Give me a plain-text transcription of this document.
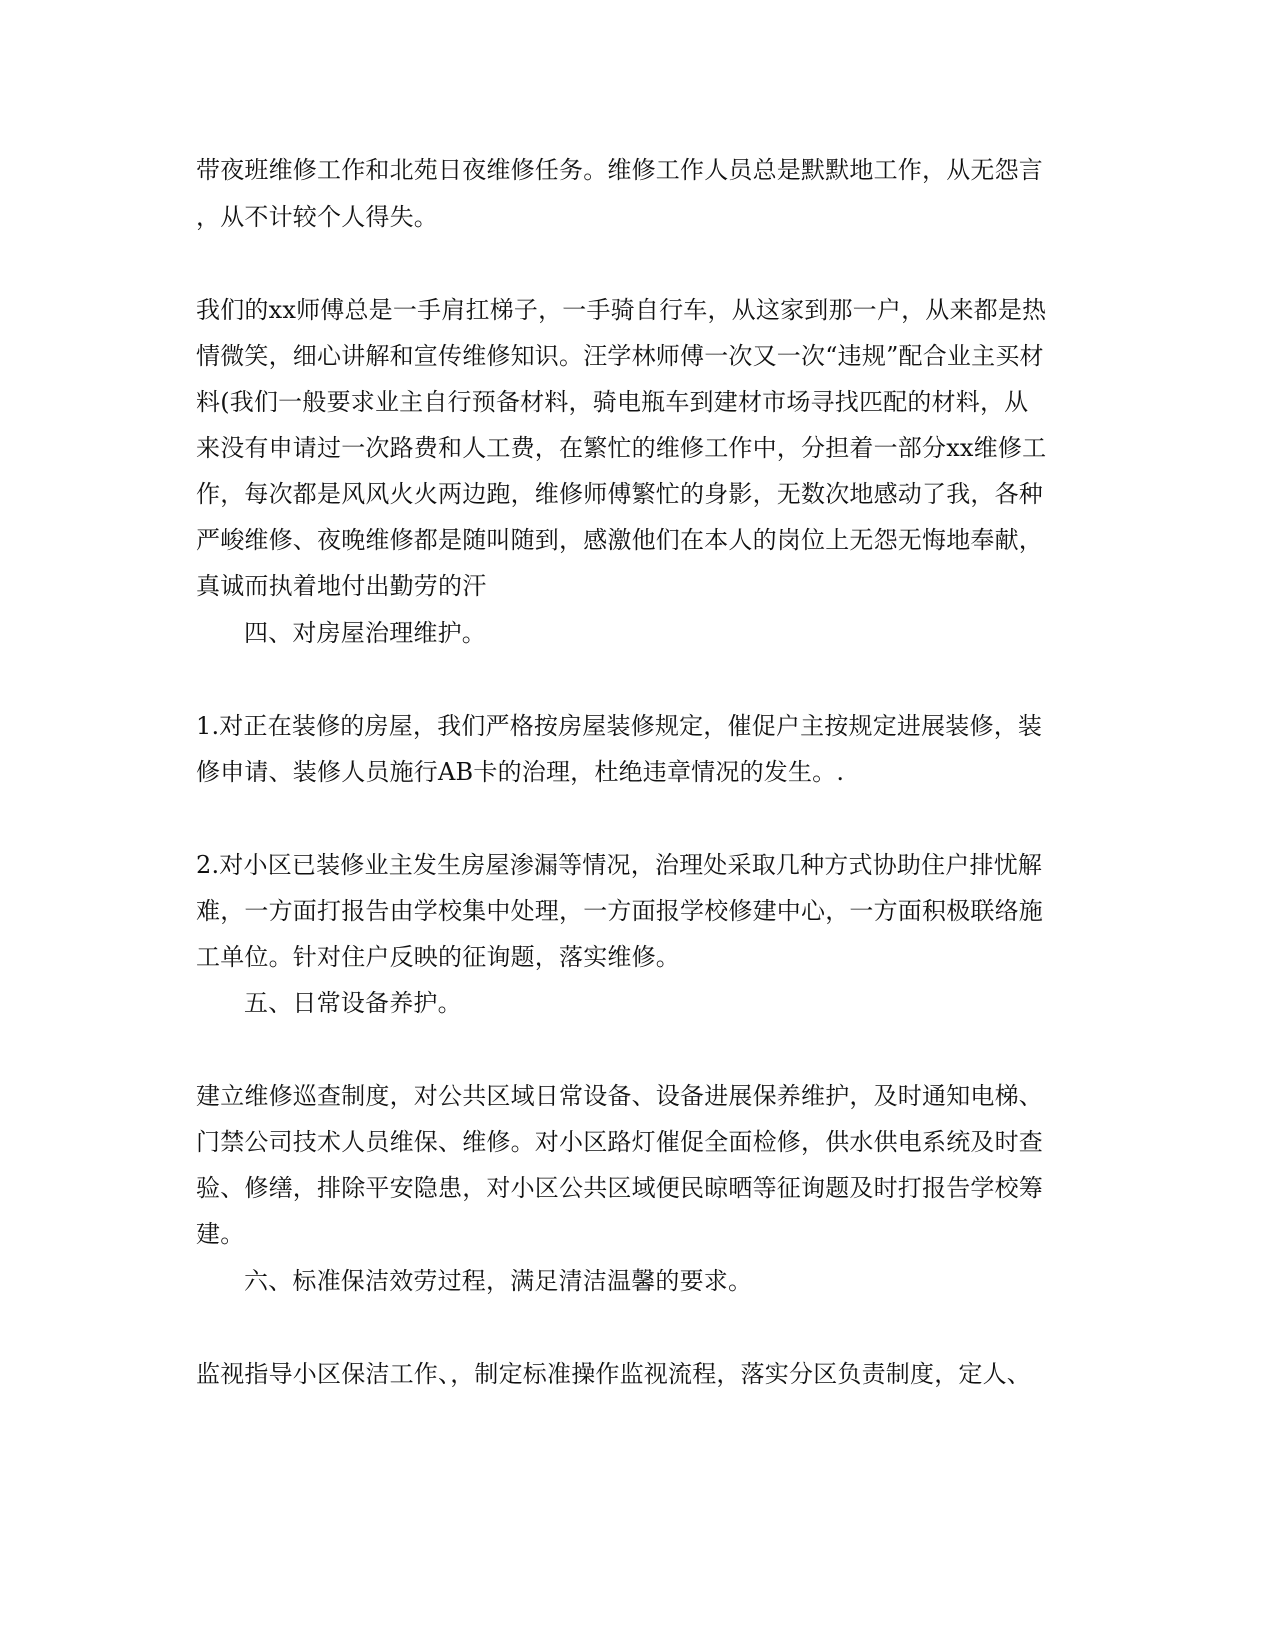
带夜班维修工作和北苑日夜维修任务。维修工作人员总是默默地工作，从无怨言
，从不计较个人得失。
我们的xx师傅总是一手肩扛梯子，一手骑自行车，从这家到那一户，从来都是热
情微笑，细心讲解和宣传维修知识。汪学林师傅一次又一次“违规”配合业主买材
料(我们一般要求业主自行预备材料，骑电瓶车到建材市场寻找匹配的材料，从
来没有申请过一次路费和人工费，在繁忙的维修工作中，分担着一部分xx维修工
作，每次都是风风火火两边跑，维修师傅繁忙的身影，无数次地感动了我，各种
严峻维修、夜晚维修都是随叫随到，感激他们在本人的岗位上无怨无悔地奉献，
真诚而执着地付出勤劳的汗
四、对房屋治理维护。
1.对正在装修的房屋，我们严格按房屋装修规定，催促户主按规定进展装修，装
修申请、装修人员施行AB卡的治理，杜绝违章情况的发生。.
2.对小区已装修业主发生房屋渗漏等情况，治理处采取几种方式协助住户排忧解
难，一方面打报告由学校集中处理，一方面报学校修建中心，一方面积极联络施
工单位。针对住户反映的征询题，落实维修。
五、日常设备养护。
建立维修巡查制度，对公共区域日常设备、设备进展保养维护，及时通知电梯、
门禁公司技术人员维保、维修。对小区路灯催促全面检修，供水供电系统及时查
验、修缮，排除平安隐患，对小区公共区域便民晾晒等征询题及时打报告学校筹
建。
六、标准保洁效劳过程，满足清洁温馨的要求。
监视指导小区保洁工作、，制定标准操作监视流程，落实分区负责制度，定人、
